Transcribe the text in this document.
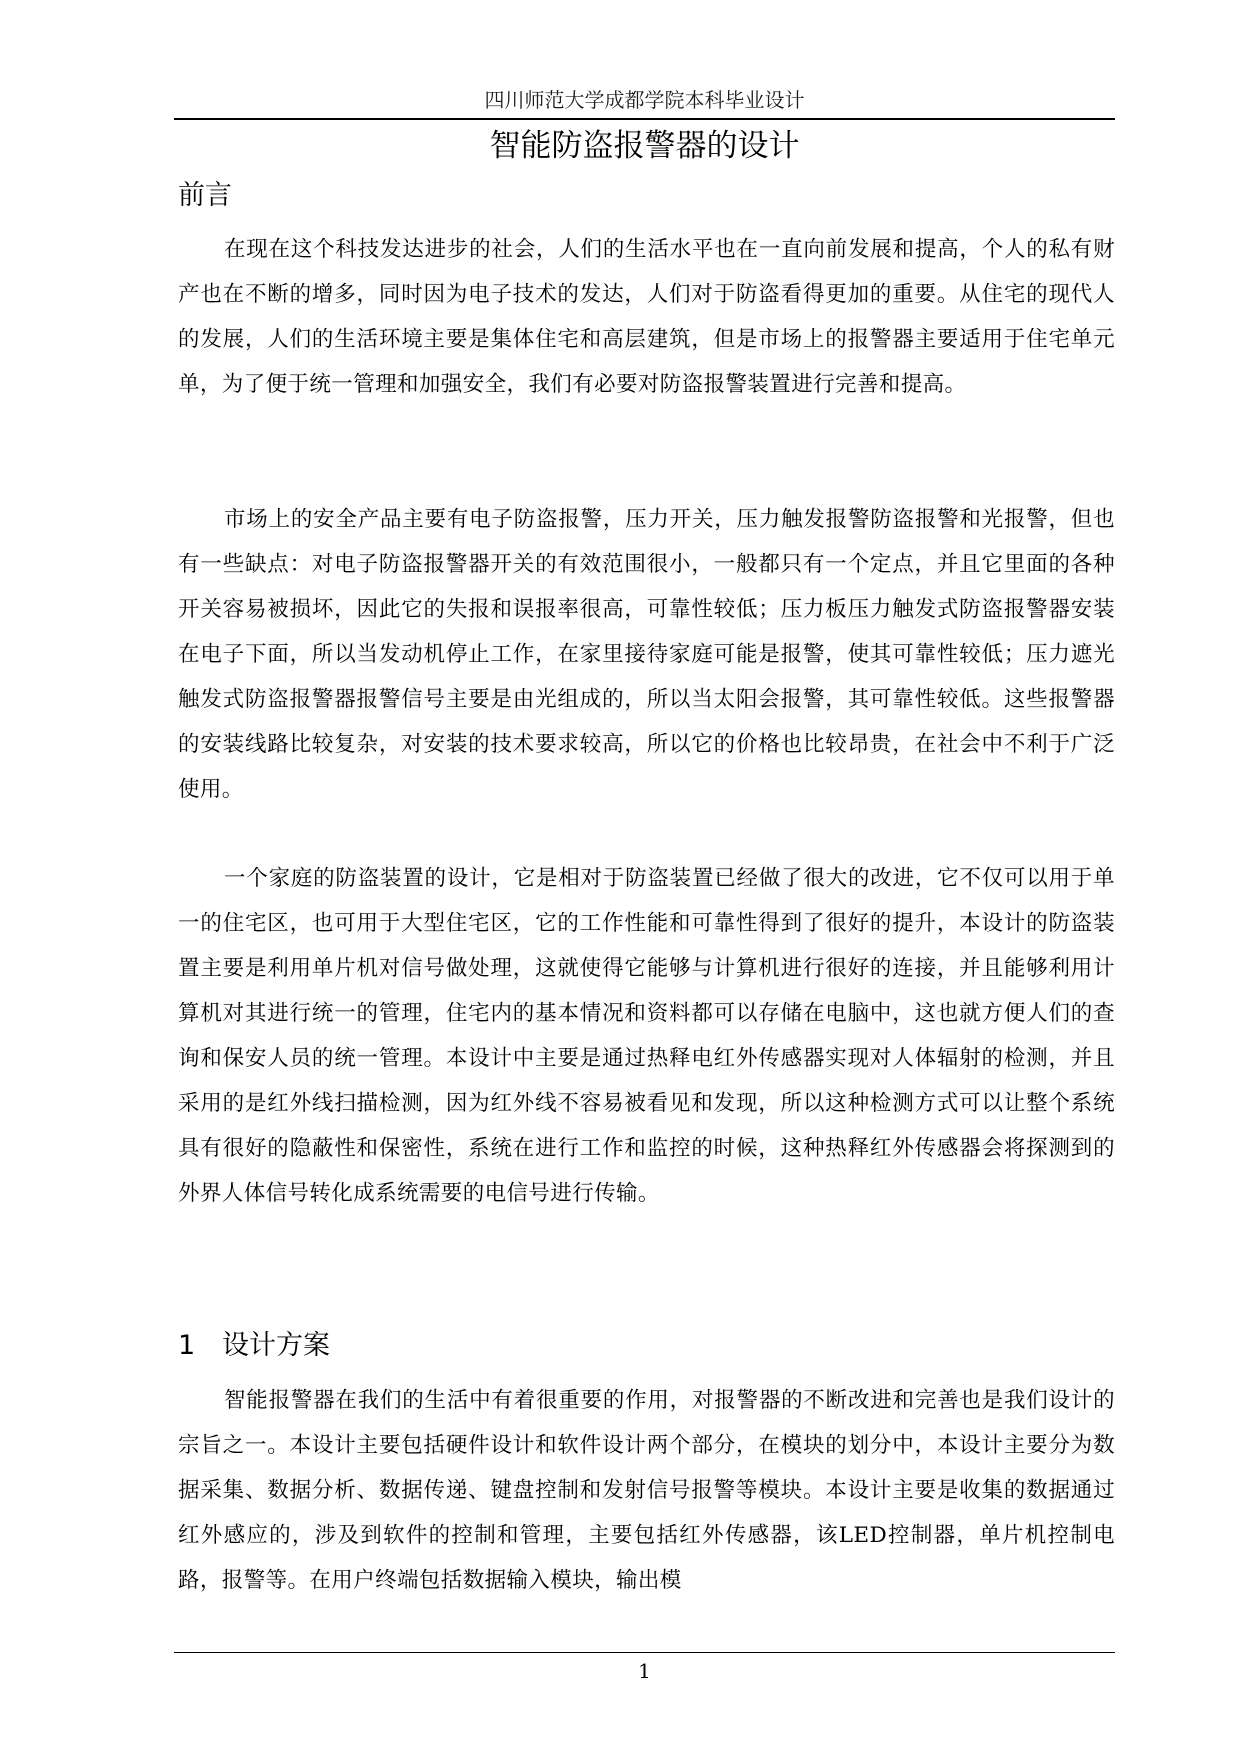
四川师范大学成都学院本科毕业设计
智能防盗报警器的设计
前言

在现在这个科技发达进步的社会，人们的生活水平也在一直向前发展和提高，个人的私有财产也在不断的增多，同时因为电子技术的发达，人们对于防盗看得更加的重要。从住宅的现代人的发展，人们的生活环境主要是集体住宅和高层建筑，但是市场上的报警器主要适用于住宅单元单，为了便于统一管理和加强安全，我们有必要对防盗报警装置进行完善和提高。

市场上的安全产品主要有电子防盗报警，压力开关，压力触发报警防盗报警和光报警，但也有一些缺点：对电子防盗报警器开关的有效范围很小，一般都只有一个定点，并且它里面的各种开关容易被损坏，因此它的失报和误报率很高，可靠性较低；压力板压力触发式防盗报警器安装在电子下面，所以当发动机停止工作，在家里接待家庭可能是报警，使其可靠性较低；压力遮光触发式防盗报警器报警信号主要是由光组成的，所以当太阳会报警，其可靠性较低。这些报警器的安装线路比较复杂，对安装的技术要求较高，所以它的价格也比较昂贵，在社会中不利于广泛使用。

一个家庭的防盗装置的设计，它是相对于防盗装置已经做了很大的改进，它不仅可以用于单一的住宅区，也可用于大型住宅区，它的工作性能和可靠性得到了很好的提升，本设计的防盗装置主要是利用单片机对信号做处理，这就使得它能够与计算机进行很好的连接，并且能够利用计算机对其进行统一的管理，住宅内的基本情况和资料都可以存储在电脑中，这也就方便人们的查询和保安人员的统一管理。本设计中主要是通过热释电红外传感器实现对人体辐射的检测，并且采用的是红外线扫描检测，因为红外线不容易被看见和发现，所以这种检测方式可以让整个系统具有很好的隐蔽性和保密性，系统在进行工作和监控的时候，这种热释红外传感器会将探测到的外界人体信号转化成系统需要的电信号进行传输。

1 设计方案

智能报警器在我们的生活中有着很重要的作用，对报警器的不断改进和完善也是我们设计的宗旨之一。本设计主要包括硬件设计和软件设计两个部分，在模块的划分中，本设计主要分为数据采集、数据分析、数据传递、键盘控制和发射信号报警等模块。本设计主要是收集的数据通过红外感应的，涉及到软件的控制和管理，主要包括红外传感器，该LED控制器，单片机控制电路，报警等。在用户终端包括数据输入模块，输出模

1
